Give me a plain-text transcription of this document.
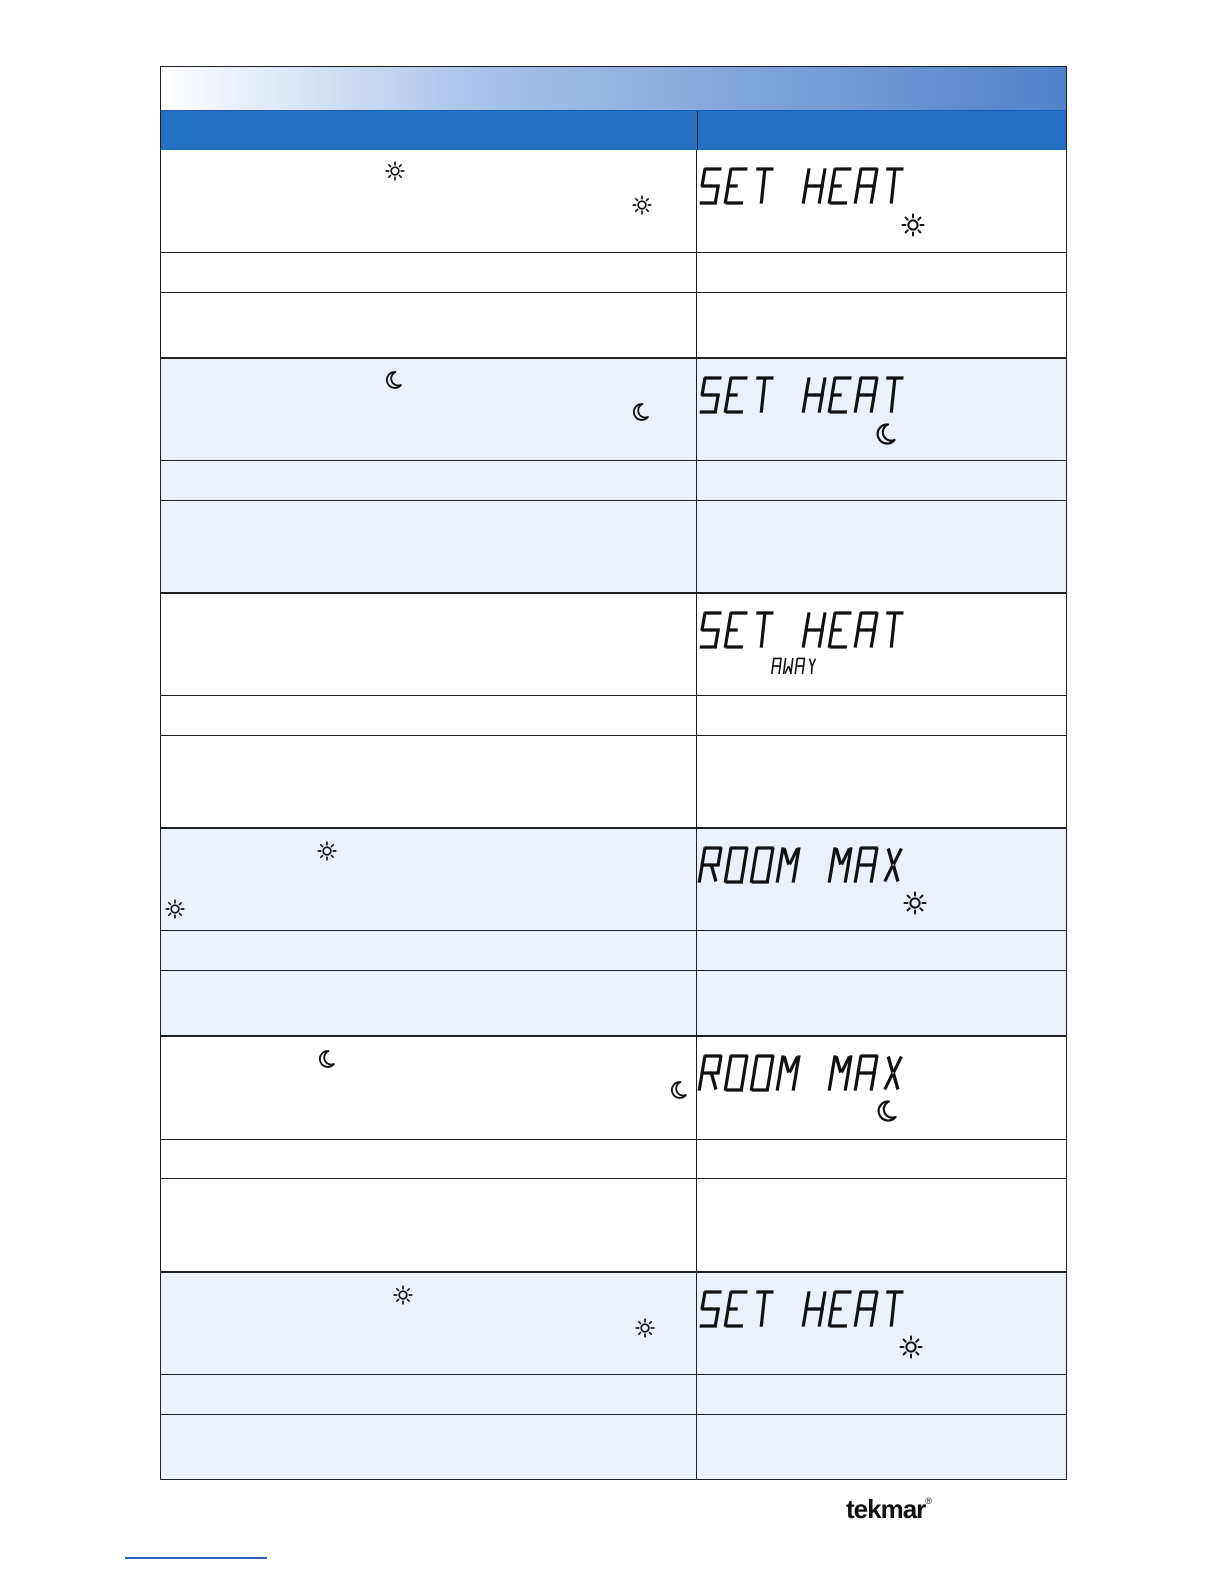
tekmar®
